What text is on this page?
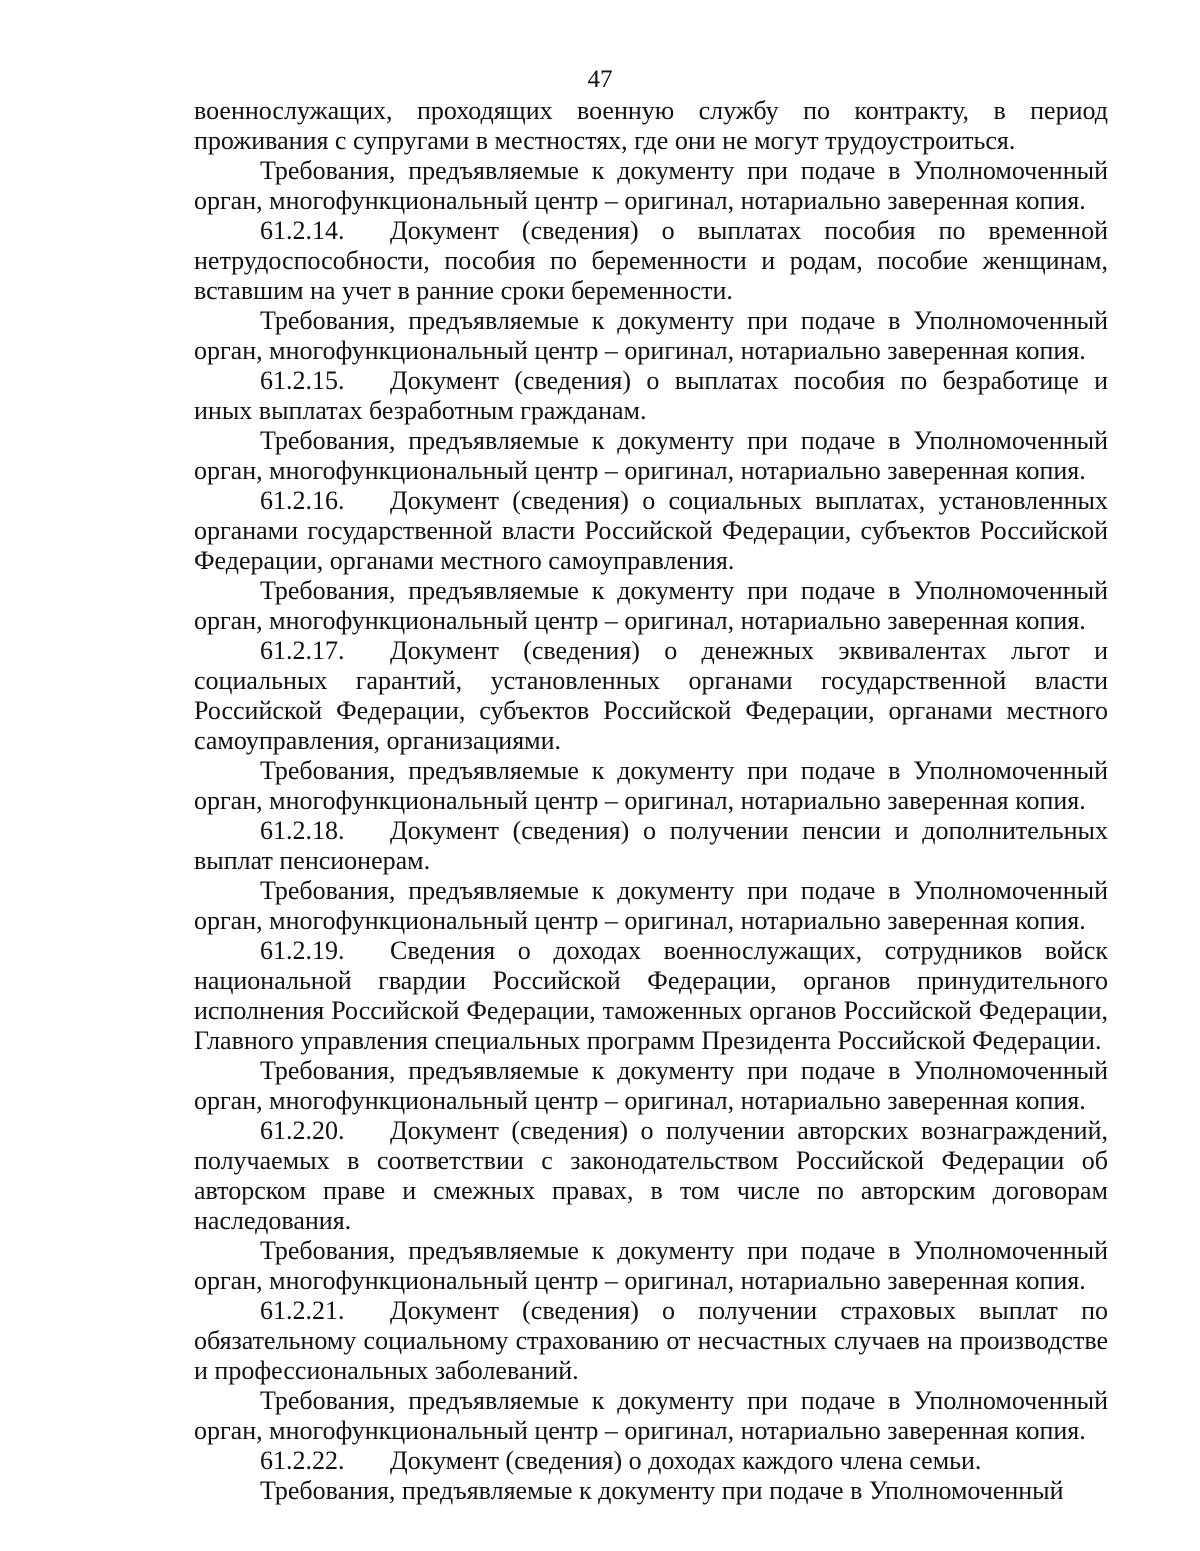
47

военнослужащих, проходящих военную службу по контракту, в период проживания с супругами в местностях, где они не могут трудоустроиться.

Требования, предъявляемые к документу при подаче в Уполномоченный орган, многофункциональный центр – оригинал, нотариально заверенная копия.

61.2.14. Документ (сведения) о выплатах пособия по временной нетрудоспособности, пособия по беременности и родам, пособие женщинам, вставшим на учет в ранние сроки беременности.

Требования, предъявляемые к документу при подаче в Уполномоченный орган, многофункциональный центр – оригинал, нотариально заверенная копия.

61.2.15. Документ (сведения) о выплатах пособия по безработице и иных выплатах безработным гражданам.

Требования, предъявляемые к документу при подаче в Уполномоченный орган, многофункциональный центр – оригинал, нотариально заверенная копия.

61.2.16. Документ (сведения) о социальных выплатах, установленных органами государственной власти Российской Федерации, субъектов Российской Федерации, органами местного самоуправления.

Требования, предъявляемые к документу при подаче в Уполномоченный орган, многофункциональный центр – оригинал, нотариально заверенная копия.

61.2.17. Документ (сведения) о денежных эквивалентах льгот и социальных гарантий, установленных органами государственной власти Российской Федерации, субъектов Российской Федерации, органами местного самоуправления, организациями.

Требования, предъявляемые к документу при подаче в Уполномоченный орган, многофункциональный центр – оригинал, нотариально заверенная копия.

61.2.18. Документ (сведения) о получении пенсии и дополнительных выплат пенсионерам.

Требования, предъявляемые к документу при подаче в Уполномоченный орган, многофункциональный центр – оригинал, нотариально заверенная копия.

61.2.19. Сведения о доходах военнослужащих, сотрудников войск национальной гвардии Российской Федерации, органов принудительного исполнения Российской Федерации, таможенных органов Российской Федерации, Главного управления специальных программ Президента Российской Федерации.

Требования, предъявляемые к документу при подаче в Уполномоченный орган, многофункциональный центр – оригинал, нотариально заверенная копия.

61.2.20. Документ (сведения) о получении авторских вознаграждений, получаемых в соответствии с законодательством Российской Федерации об авторском праве и смежных правах, в том числе по авторским договорам наследования.

Требования, предъявляемые к документу при подаче в Уполномоченный орган, многофункциональный центр – оригинал, нотариально заверенная копия.

61.2.21. Документ (сведения) о получении страховых выплат по обязательному социальному страхованию от несчастных случаев на производстве и профессиональных заболеваний.

Требования, предъявляемые к документу при подаче в Уполномоченный орган, многофункциональный центр – оригинал, нотариально заверенная копия.

61.2.22. Документ (сведения) о доходах каждого члена семьи.

Требования, предъявляемые к документу при подаче в Уполномоченный
